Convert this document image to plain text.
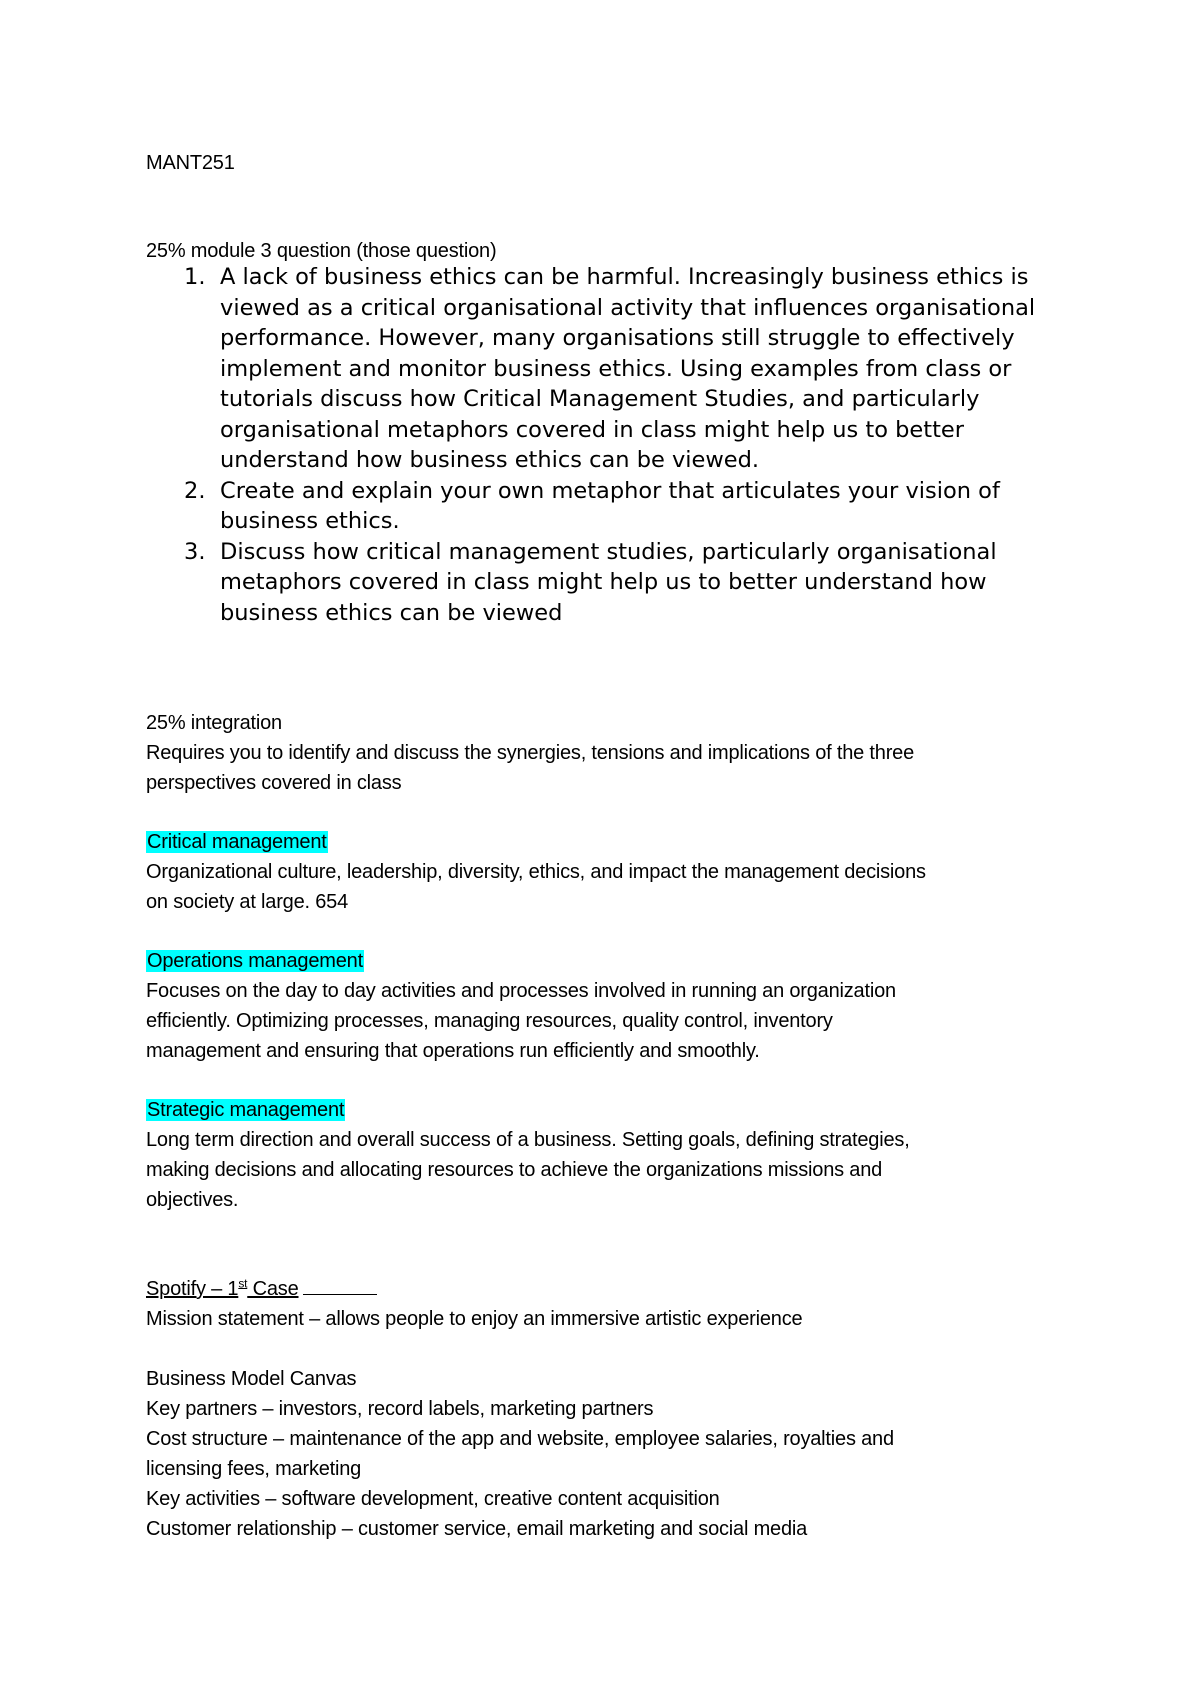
MANT251
25% module 3 question (those question)
1. A lack of business ethics can be harmful. Increasingly business ethics is viewed as a critical organisational activity that influences organisational performance. However, many organisations still struggle to effectively implement and monitor business ethics. Using examples from class or tutorials discuss how Critical Management Studies, and particularly organisational metaphors covered in class might help us to better understand how business ethics can be viewed.
2. Create and explain your own metaphor that articulates your vision of business ethics.
3. Discuss how critical management studies, particularly organisational metaphors covered in class might help us to better understand how business ethics can be viewed
25% integration
Requires you to identify and discuss the synergies, tensions and implications of the three
perspectives covered in class
Critical management
Organizational culture, leadership, diversity, ethics, and impact the management decisions
on society at large. 654
Operations management
Focuses on the day to day activities and processes involved in running an organization
efficiently. Optimizing processes, managing resources, quality control, inventory
management and ensuring that operations run efficiently and smoothly.
Strategic management
Long term direction and overall success of a business. Setting goals, defining strategies,
making decisions and allocating resources to achieve the organizations missions and
objectives.
Spotify – 1st Case
Mission statement – allows people to enjoy an immersive artistic experience
Business Model Canvas
Key partners – investors, record labels, marketing partners
Cost structure – maintenance of the app and website, employee salaries, royalties and
licensing fees, marketing
Key activities – software development, creative content acquisition
Customer relationship – customer service, email marketing and social media
